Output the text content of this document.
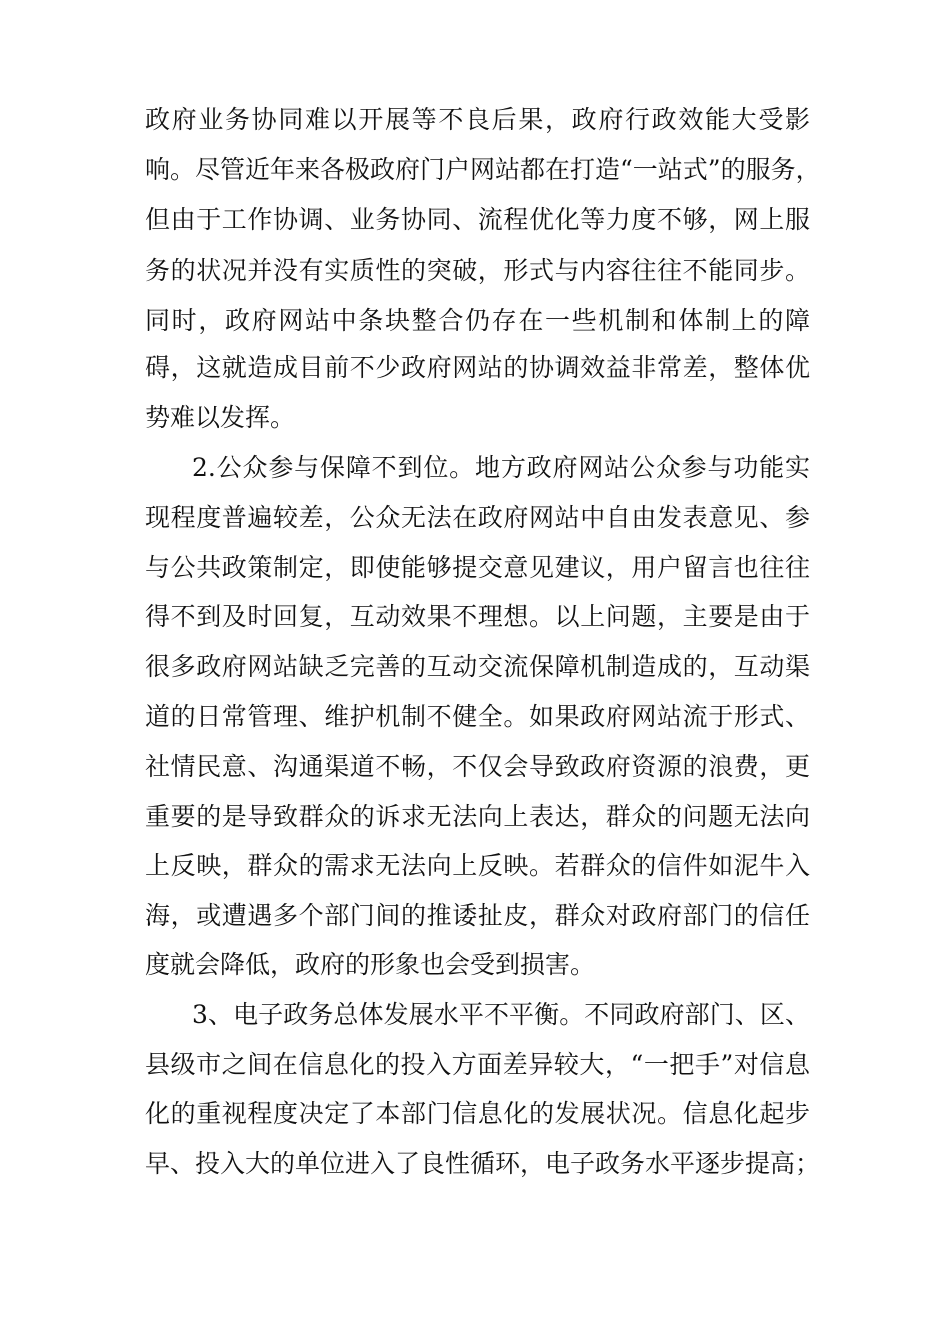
政府业务协同难以开展等不良后果，政府行政效能大受影
响。尽管近年来各极政府门户网站都在打造“一站式”的服务，
但由于工作协调、业务协同、流程优化等力度不够，网上服
务的状况并没有实质性的突破，形式与内容往往不能同步。
同时，政府网站中条块整合仍存在一些机制和体制上的障
碍，这就造成目前不少政府网站的协调效益非常差，整体优
势难以发挥。
2.公众参与保障不到位。地方政府网站公众参与功能实
现程度普遍较差，公众无法在政府网站中自由发表意见、参
与公共政策制定，即使能够提交意见建议，用户留言也往往
得不到及时回复，互动效果不理想。以上问题，主要是由于
很多政府网站缺乏完善的互动交流保障机制造成的，互动渠
道的日常管理、维护机制不健全。如果政府网站流于形式、
社情民意、沟通渠道不畅，不仅会导致政府资源的浪费，更
重要的是导致群众的诉求无法向上表达，群众的问题无法向
上反映，群众的需求无法向上反映。若群众的信件如泥牛入
海，或遭遇多个部门间的推诿扯皮，群众对政府部门的信任
度就会降低，政府的形象也会受到损害。
3、电子政务总体发展水平不平衡。不同政府部门、区、
县级市之间在信息化的投入方面差异较大，“一把手”对信息
化的重视程度决定了本部门信息化的发展状况。信息化起步
早、投入大的单位进入了良性循环，电子政务水平逐步提高；
